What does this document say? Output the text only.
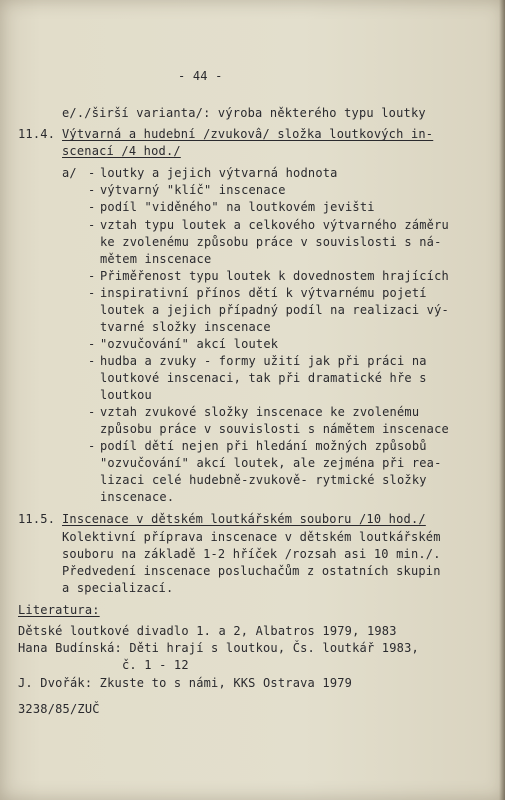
- 44 -
e/./širší varianta/: výroba některého typu loutky
11.4. Výtvarná a hudební /zvukovâ/ složka loutkových in-
scenací /4 hod./
a/ - loutky a jejich výtvarná hodnota
- výtvarný "klíč" inscenace
- podíl "viděného" na loutkovém jevišti
- vztah typu loutek a celkového výtvarného záměru
ke zvolenému způsobu práce v souvislosti s ná-
mětem inscenace
- Přiměřenost typu loutek k dovednostem hrajících
- inspirativní přínos dětí k výtvarnému pojetí
loutek a jejich případný podíl na realizaci vý-
tvarné složky inscenace
- "ozvučování" akcí loutek
- hudba a zvuky - formy užití jak při práci na
loutkové inscenaci, tak při dramatické hře s
loutkou
- vztah zvukové složky inscenace ke zvolenému
způsobu práce v souvislosti s námětem inscenace
- podíl dětí nejen při hledání možných způsobů
"ozvučování" akcí loutek, ale zejména při rea-
lizaci celé hudebně-zvukově- rytmické složky
inscenace.
11.5. Inscenace v dětském loutkářském souboru /10 hod./
Kolektivní příprava inscenace v dětském loutkářském
souboru na základě 1-2 hříček /rozsah asi 10 min./.
Předvedení inscenace posluchačům z ostatních skupin
a specializací.
Literatura:
Dětské loutkové divadlo 1. a 2, Albatros 1979, 1983
Hana Budínská: Děti hrají s loutkou, Čs. loutkář 1983,
č. 1 - 12
J. Dvořák: Zkuste to s námi, KKS Ostrava 1979
3238/85/ZUČ
